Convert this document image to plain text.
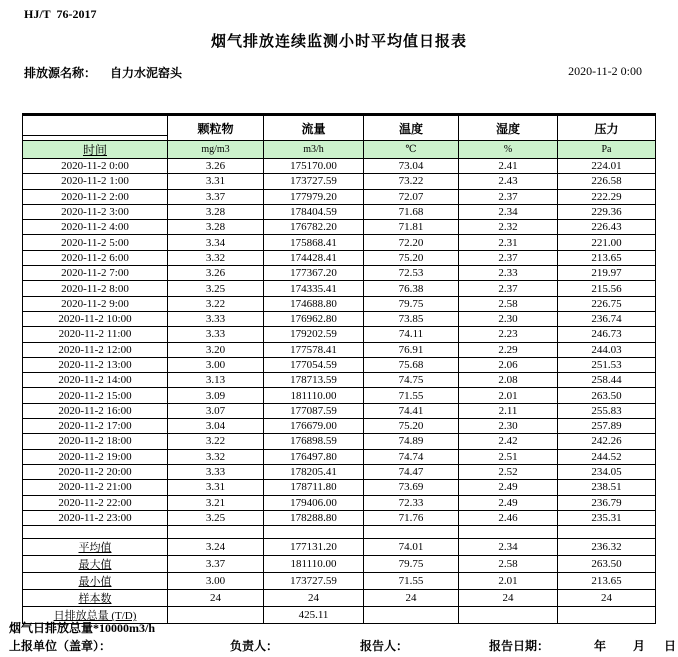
HJ/T  76-2017
烟气排放连续监测小时平均值日报表
排放源名称： 自力水泥窑头	2020-11-2 0:00
	颗粒物	流量	温度	湿度	压力
时间	mg/m3	m3/h	℃	%	Pa
2020-11-2 0:00	3.26	175170.00	73.04	2.41	224.01
2020-11-2 1:00	3.31	173727.59	73.22	2.43	226.58
2020-11-2 2:00	3.37	177979.20	72.07	2.37	222.29
2020-11-2 3:00	3.28	178404.59	71.68	2.34	229.36
2020-11-2 4:00	3.28	176782.20	71.81	2.32	226.43
2020-11-2 5:00	3.34	175868.41	72.20	2.31	221.00
2020-11-2 6:00	3.32	174428.41	75.20	2.37	213.65
2020-11-2 7:00	3.26	177367.20	72.53	2.33	219.97
2020-11-2 8:00	3.25	174335.41	76.38	2.37	215.56
2020-11-2 9:00	3.22	174688.80	79.75	2.58	226.75
2020-11-2 10:00	3.33	176962.80	73.85	2.30	236.74
2020-11-2 11:00	3.33	179202.59	74.11	2.23	246.73
2020-11-2 12:00	3.20	177578.41	76.91	2.29	244.03
2020-11-2 13:00	3.00	177054.59	75.68	2.06	251.53
2020-11-2 14:00	3.13	178713.59	74.75	2.08	258.44
2020-11-2 15:00	3.09	181110.00	71.55	2.01	263.50
2020-11-2 16:00	3.07	177087.59	74.41	2.11	255.83
2020-11-2 17:00	3.04	176679.00	75.20	2.30	257.89
2020-11-2 18:00	3.22	176898.59	74.89	2.42	242.26
2020-11-2 19:00	3.32	176497.80	74.74	2.51	244.52
2020-11-2 20:00	3.33	178205.41	74.47	2.52	234.05
2020-11-2 21:00	3.31	178711.80	73.69	2.49	238.51
2020-11-2 22:00	3.21	179406.00	72.33	2.49	236.79
2020-11-2 23:00	3.25	178288.80	71.76	2.46	235.31

平均值	3.24	177131.20	74.01	2.34	236.32
最大值	3.37	181110.00	79.75	2.58	263.50
最小值	3.00	173727.59	71.55	2.01	213.65
样本数	24	24	24	24	24
日排放总量 (T/D)		425.11			
烟气日排放总量*10000m3/h
上报单位（盖章）：	负责人：	报告人：	报告日期：	年 月 日
